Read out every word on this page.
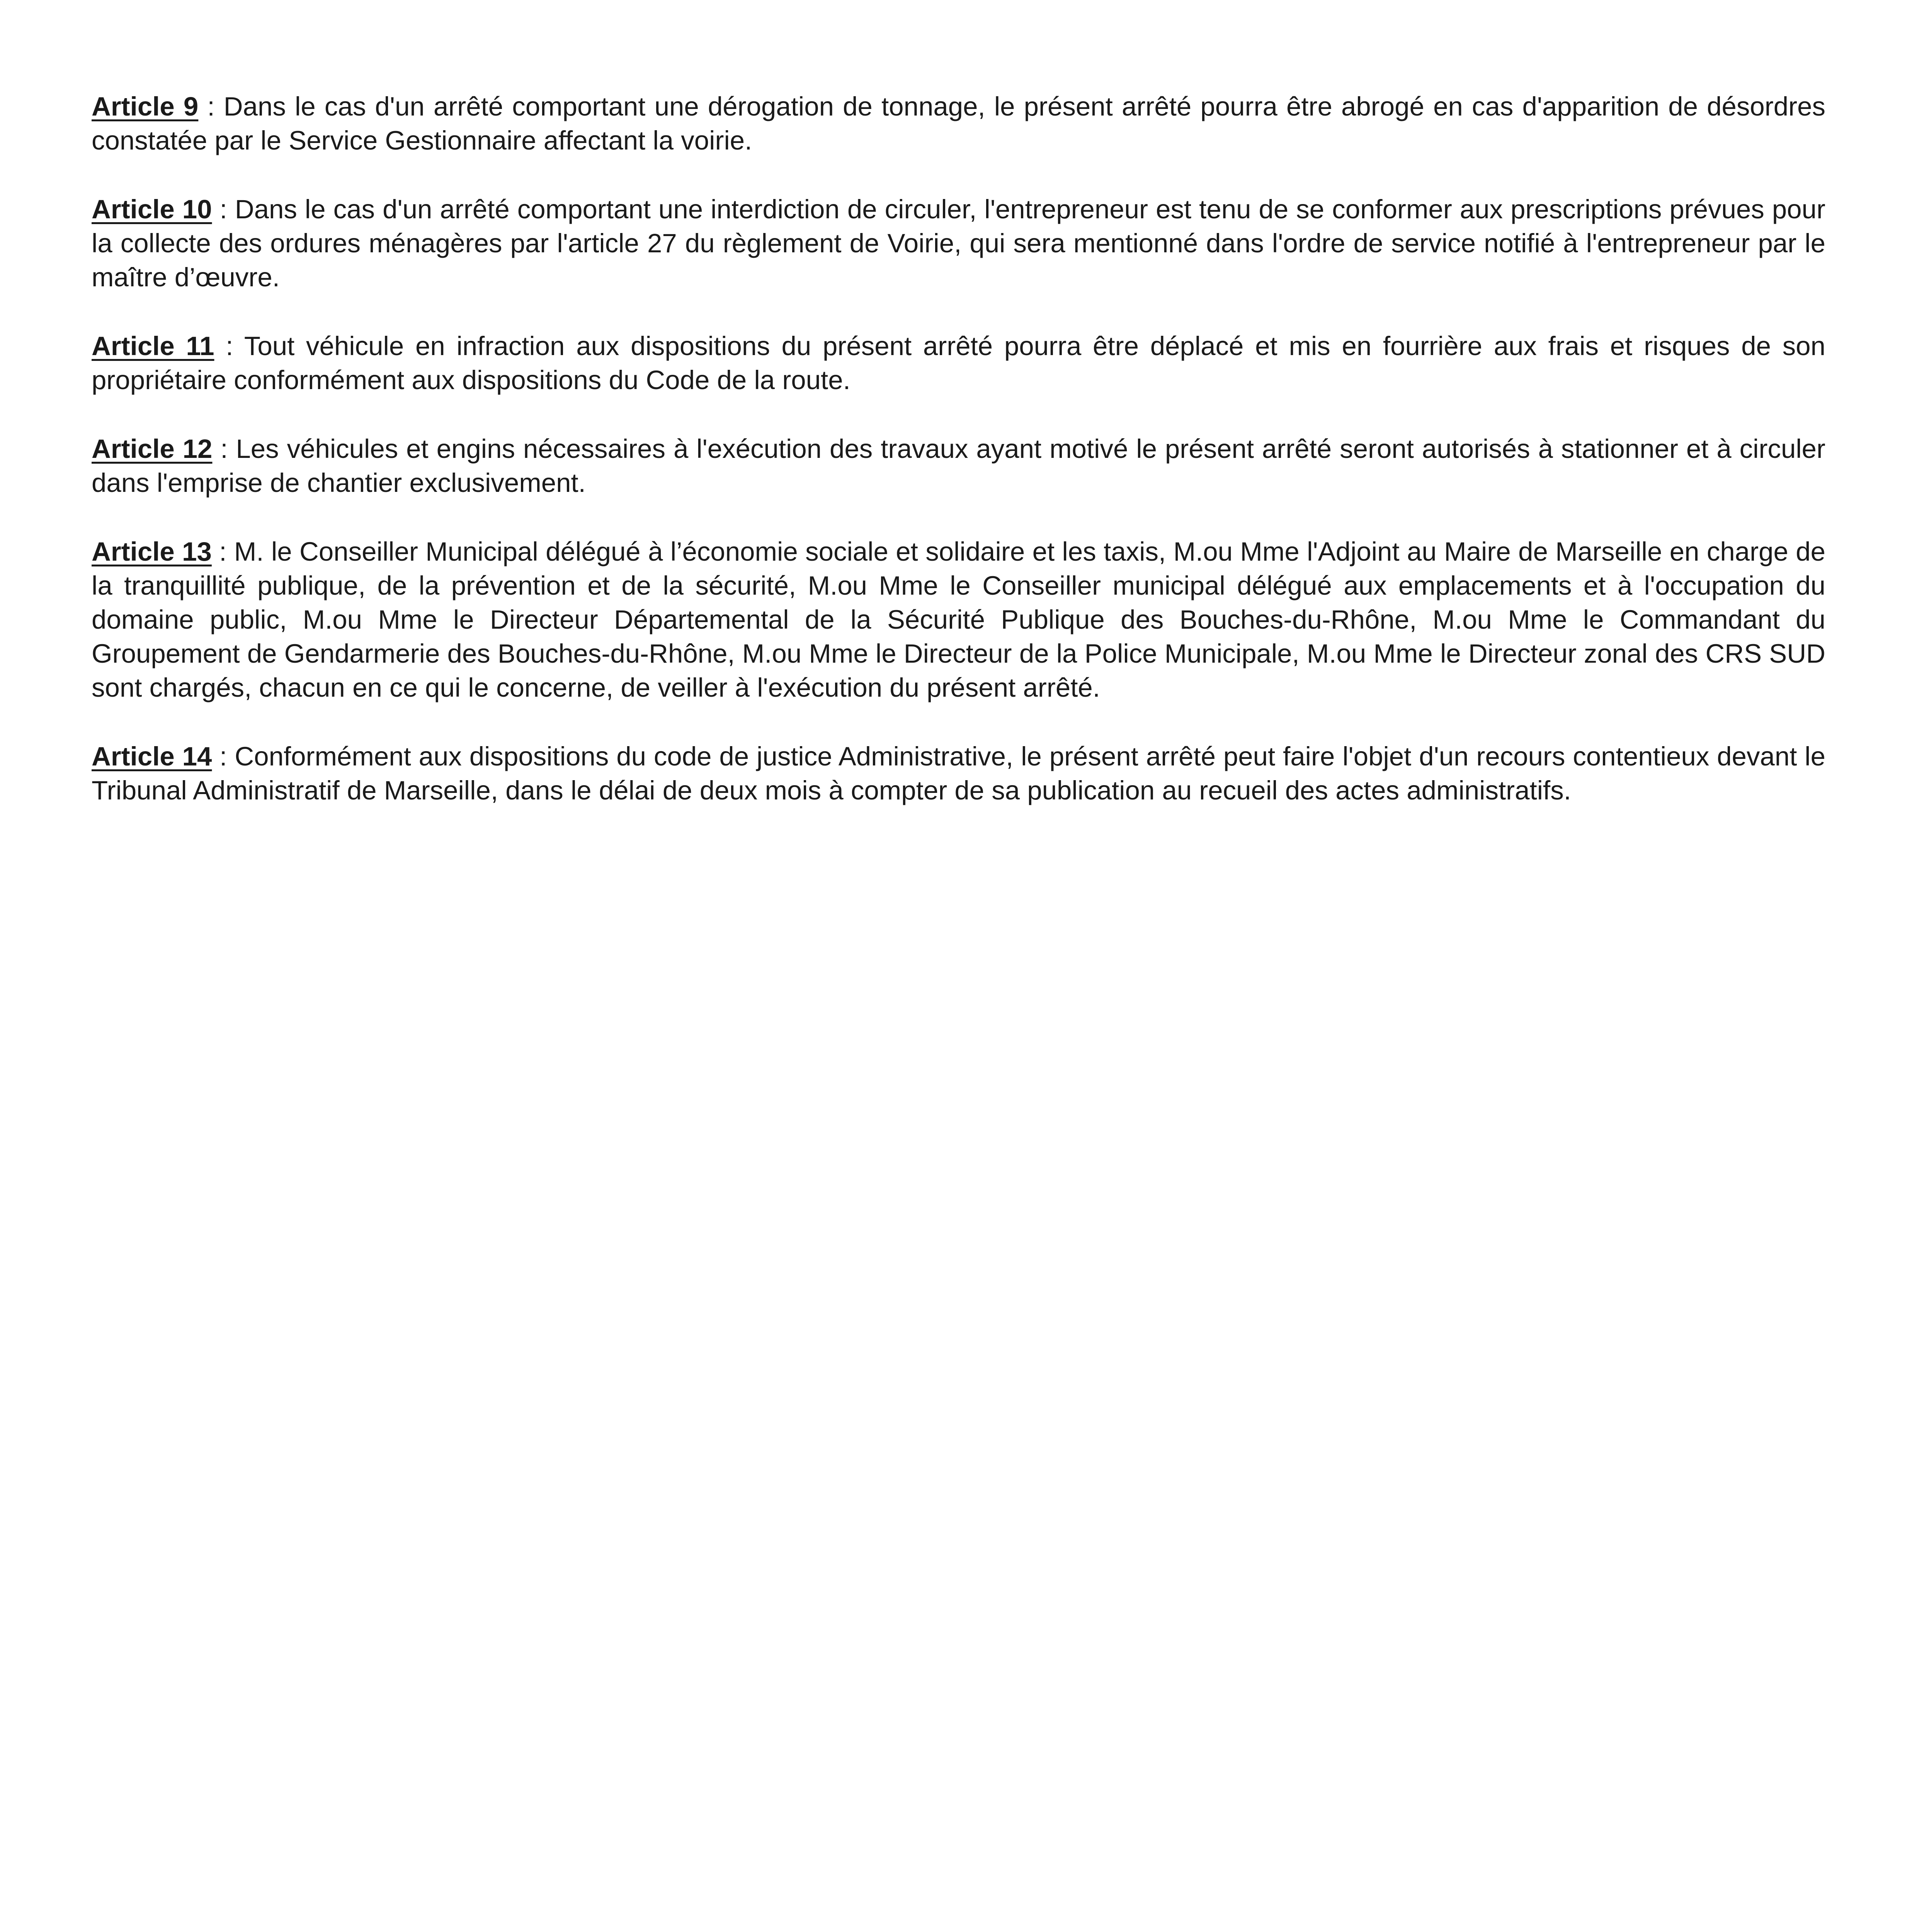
Article 9 : Dans le cas d'un arrêté comportant une dérogation de tonnage, le présent arrêté pourra être abrogé en cas d'apparition de désordres constatée par le Service Gestionnaire affectant la voirie.

Article 10 : Dans le cas d'un arrêté comportant une interdiction de circuler, l'entrepreneur est tenu de se conformer aux prescriptions prévues pour la collecte des ordures ménagères par l'article 27 du règlement de Voirie, qui sera mentionné dans l'ordre de service notifié à l'entrepreneur par le maître d’œuvre.

Article 11 : Tout véhicule en infraction aux dispositions du présent arrêté pourra être déplacé et mis en fourrière aux frais et risques de son propriétaire conformément aux dispositions du Code de la route.

Article 12 : Les véhicules et engins nécessaires à l'exécution des travaux ayant motivé le présent arrêté seront autorisés à stationner et à circuler dans l'emprise de chantier exclusivement.

Article 13 : M. le Conseiller Municipal délégué à l’économie sociale et solidaire et les taxis, M.ou Mme l'Adjoint au Maire de Marseille en charge de la tranquillité publique, de la prévention et de la sécurité, M.ou Mme le Conseiller municipal délégué aux emplacements et à l'occupation du domaine public, M.ou Mme le Directeur Départemental de la Sécurité Publique des Bouches-du-Rhône, M.ou Mme le Commandant du Groupement de Gendarmerie des Bouches-du-Rhône, M.ou Mme le Directeur de la Police Municipale, M.ou Mme le Directeur zonal des CRS SUD sont chargés, chacun en ce qui le concerne, de veiller à l'exécution du présent arrêté.

Article 14 : Conformément aux dispositions du code de justice Administrative, le présent arrêté peut faire l'objet d'un recours contentieux devant le Tribunal Administratif de Marseille, dans le délai de deux mois à compter de sa publication au recueil des actes administratifs.
